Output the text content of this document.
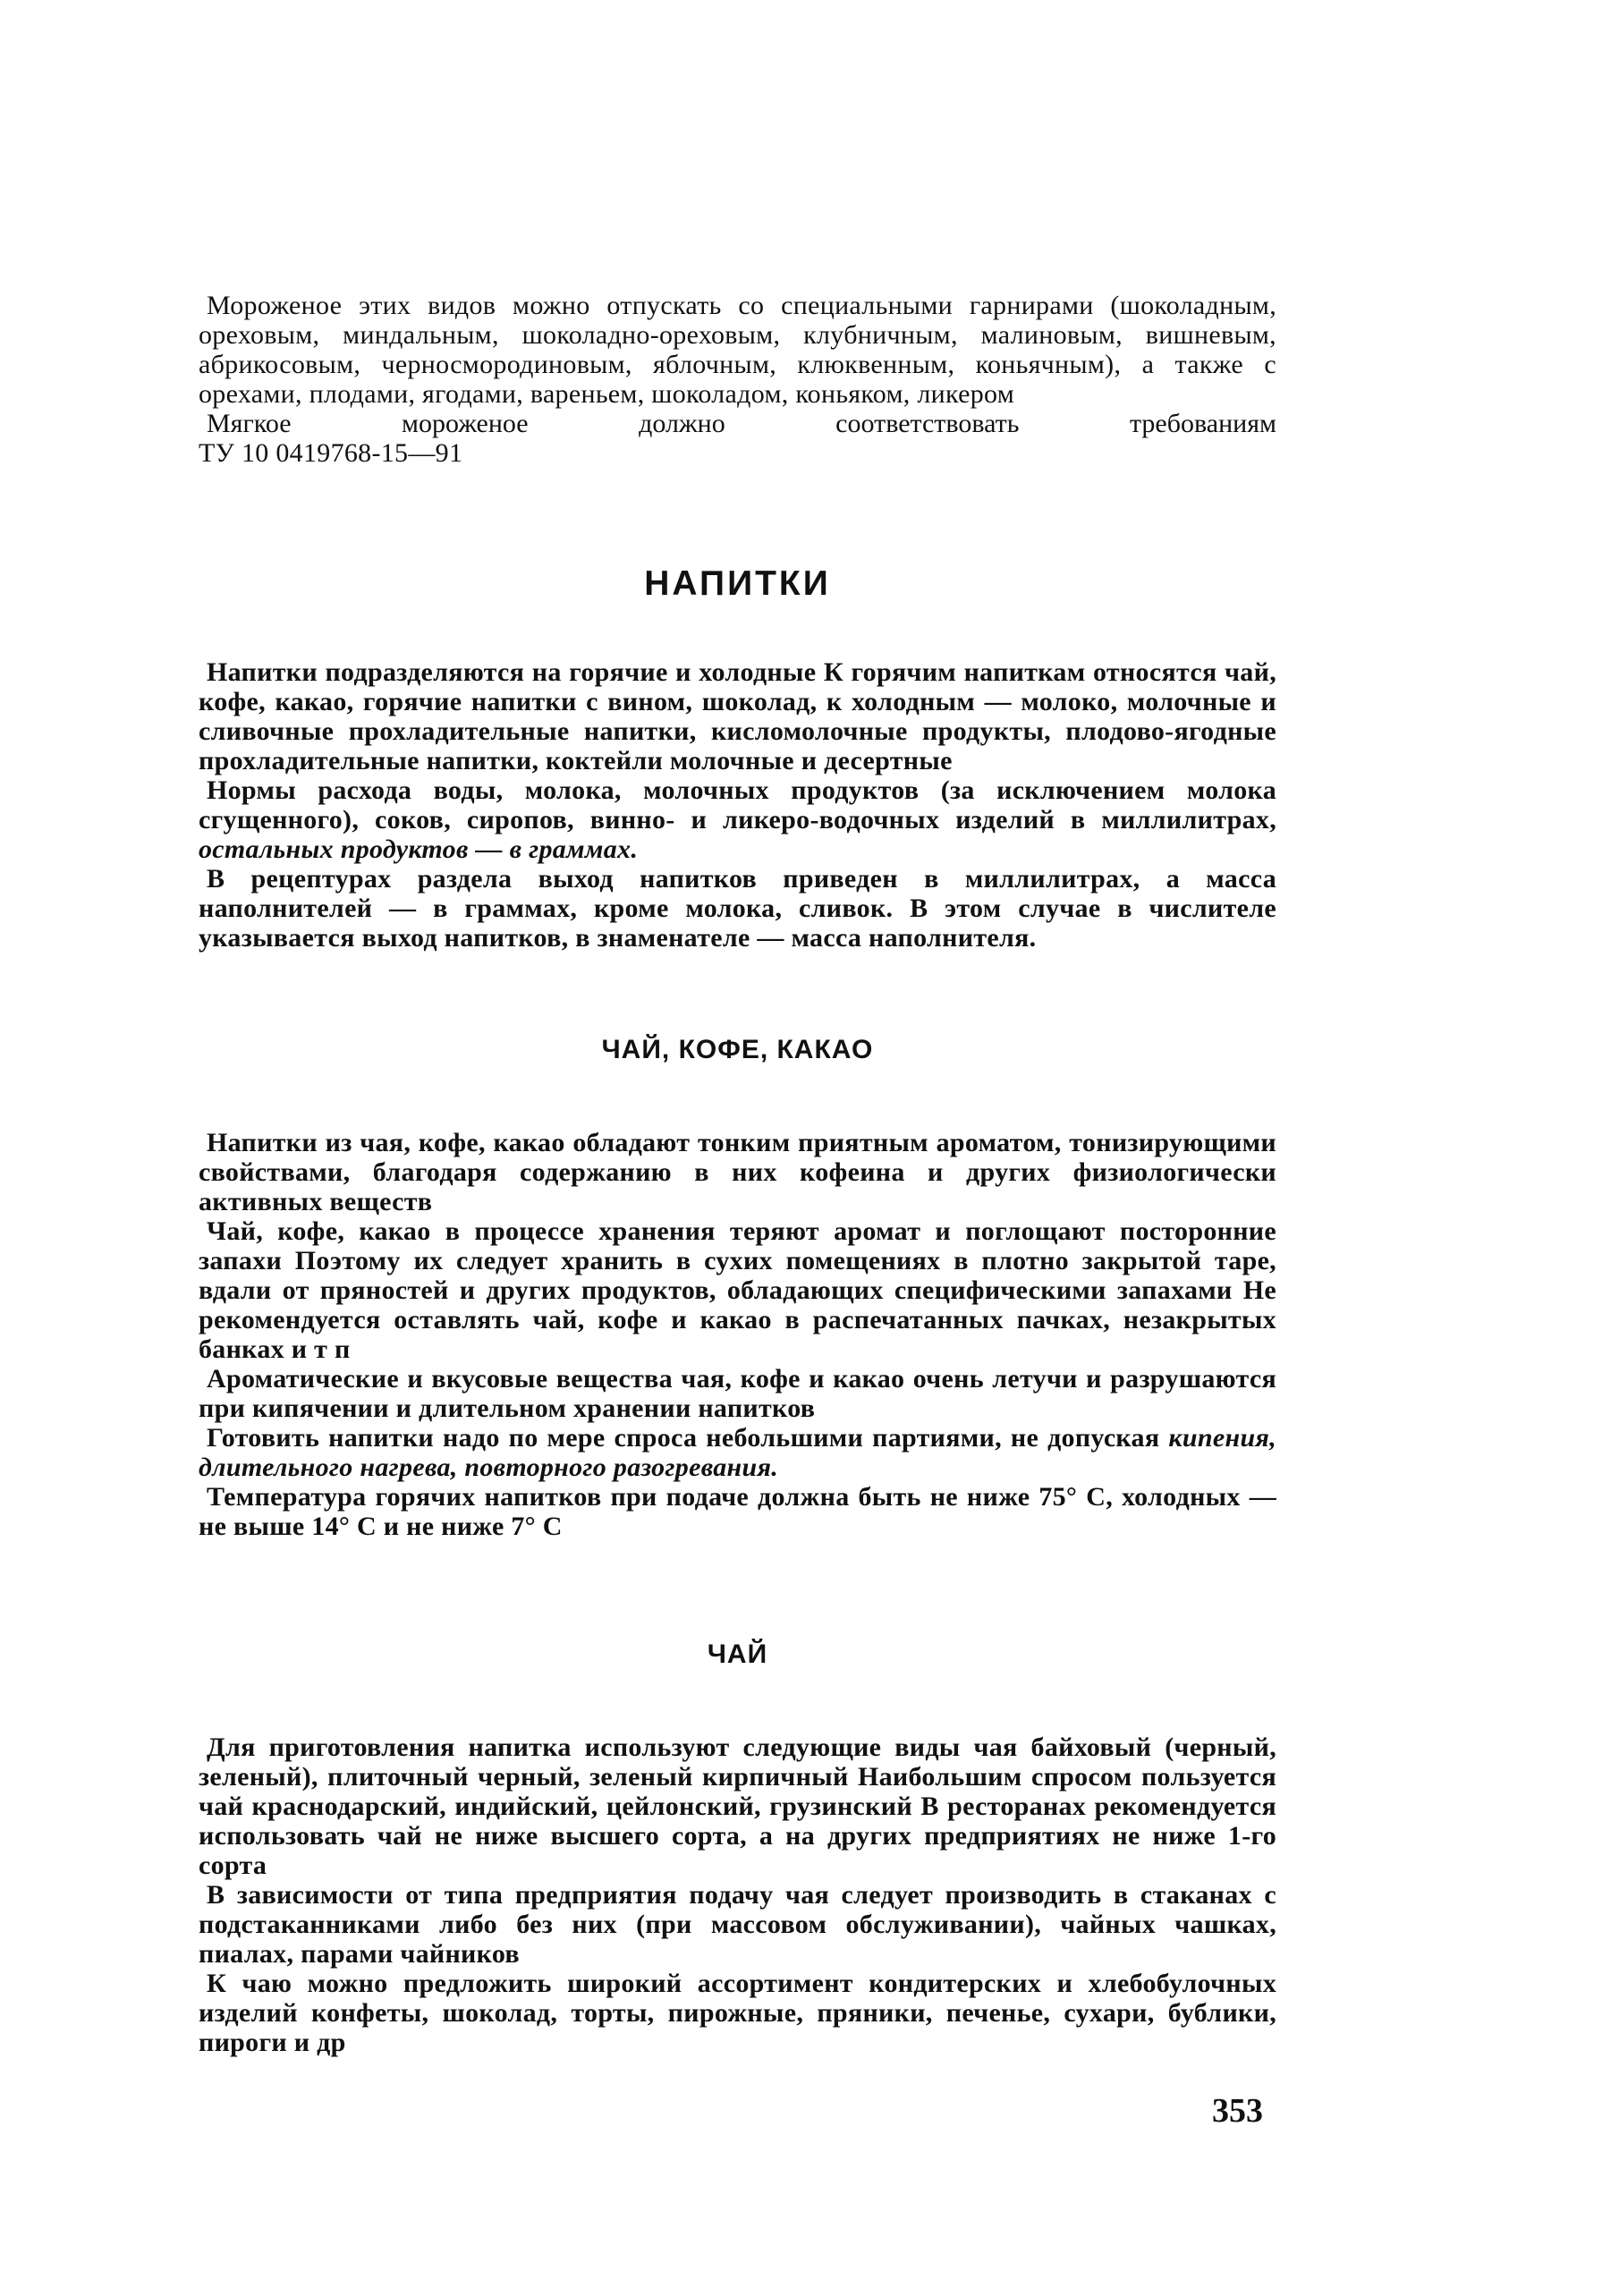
Мороженое этих видов можно отпускать со специальными гарнирами (шоколадным, ореховым, миндальным, шоколадно-ореховым, клубничным, малиновым, вишневым, абрикосовым, черносмородиновым, яблочным, клюквенным, коньячным), а также с орехами, плодами, ягодами, вареньем, шоколадом, коньяком, ликером

Мягкое	мороженое	должно	соответствовать	требованиям

ТУ 10 0419768-15—91

НАПИТКИ

Напитки подразделяются на горячие и холодные К горячим напиткам относятся чай, кофе, какао, горячие напитки с вином, шоколад, к холодным — молоко, молочные и сливочные прохладительные напитки, кисломолочные продукты, плодово-ягодные прохладительные напитки, коктейли молочные и десертные

Нормы расхода воды, молока, молочных продуктов (за исключением молока сгущенного), соков, сиропов, винно- и ликеро-водочных изделий в миллилитрах, остальных продуктов — в граммах.

В рецептурах раздела выход напитков приведен в миллилитрах, а масса наполнителей — в граммах, кроме молока, сливок. В этом случае в числителе указывается выход напитков, в знаменателе — масса наполнителя.

ЧАЙ, КОФЕ, КАКАО

Напитки из чая, кофе, какао обладают тонким приятным ароматом, тонизирующими свойствами, благодаря содержанию в них кофеина и других физиологически активных веществ

Чай, кофе, какао в процессе хранения теряют аромат и поглощают посторонние запахи Поэтому их следует хранить в сухих помещениях в плотно закрытой таре, вдали от пряностей и других продуктов, обладающих специфическими запахами Не рекомендуется оставлять чай, кофе и какао в распечатанных пачках, незакрытых банках и т п

Ароматические и вкусовые вещества чая, кофе и какао очень летучи и разрушаются при кипячении и длительном хранении напитков

Готовить напитки надо по мере спроса небольшими партиями, не допуская кипения, длительного нагрева, повторного разогревания.

Температура горячих напитков при подаче должна быть не ниже 75° С, холодных — не выше 14° С и не ниже 7° С

ЧАЙ

Для приготовления напитка используют следующие виды чая байховый (черный, зеленый), плиточный черный, зеленый кирпичный Наибольшим спросом пользуется чай краснодарский, индийский, цейлонский, грузинский В ресторанах рекомендуется использовать чай не ниже высшего сорта, а на других предприятиях не ниже 1-го сорта

В зависимости от типа предприятия подачу чая следует производить в стаканах с подстаканниками либо без них (при массовом обслуживании), чайных чашках, пиалах, парами чайников

К чаю можно предложить широкий ассортимент кондитерских и хлебобулочных изделий конфеты, шоколад, торты, пирожные, пряники, печенье, сухари, бублики, пироги и др

353
